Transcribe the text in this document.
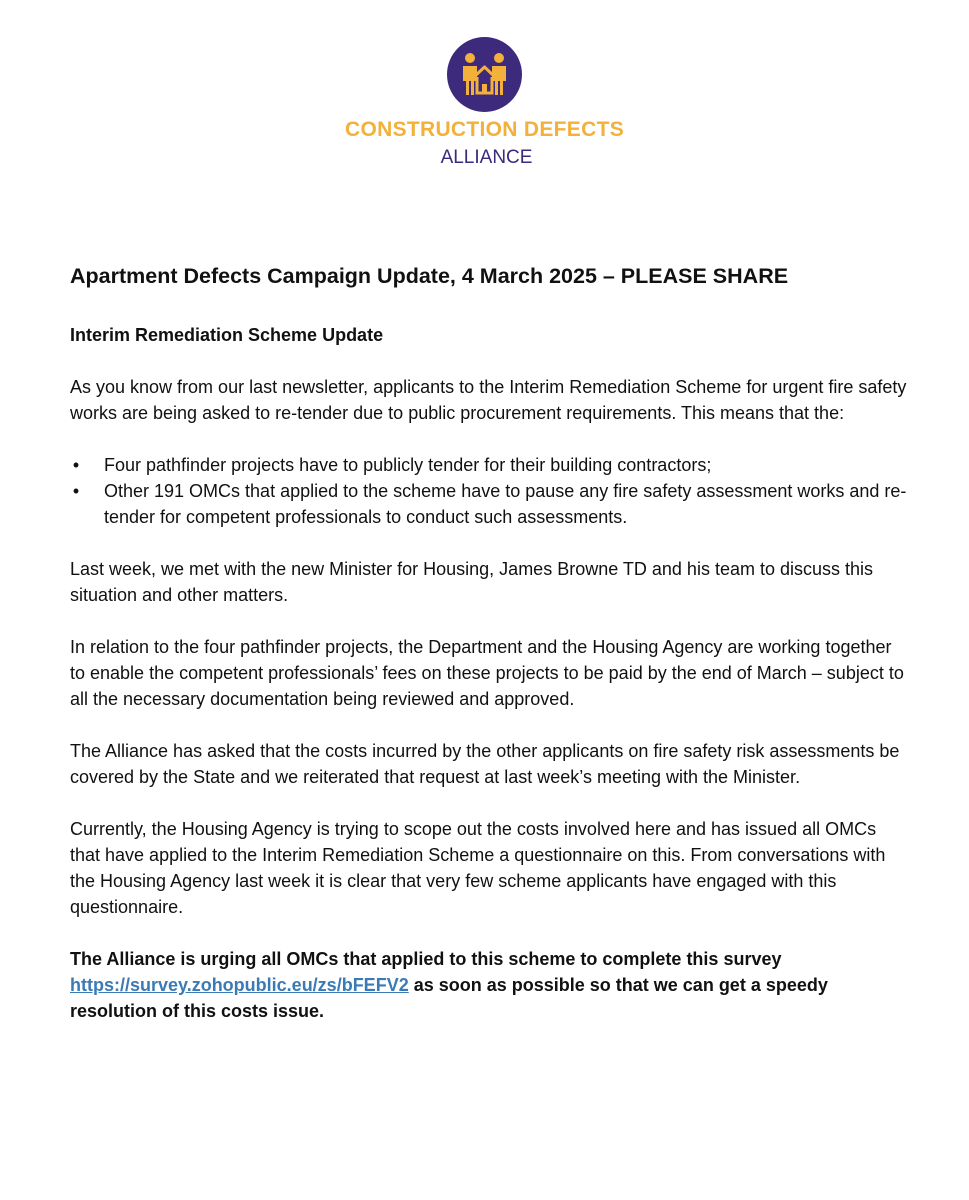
CONSTRUCTION DEFECTS
ALLIANCE
Apartment Defects Campaign Update, 4 March 2025 – PLEASE SHARE
Interim Remediation Scheme Update

As you know from our last newsletter, applicants to the Interim Remediation Scheme for urgent fire safety works are being asked to re-tender due to public procurement requirements. This means that the:

• Four pathfinder projects have to publicly tender for their building contractors;
• Other 191 OMCs that applied to the scheme have to pause any fire safety assessment works and re-tender for competent professionals to conduct such assessments.

Last week, we met with the new Minister for Housing, James Browne TD and his team to discuss this situation and other matters.

In relation to the four pathfinder projects, the Department and the Housing Agency are working together to enable the competent professionals’ fees on these projects to be paid by the end of March – subject to all the necessary documentation being reviewed and approved.

The Alliance has asked that the costs incurred by the other applicants on fire safety risk assessments be covered by the State and we reiterated that request at last week’s meeting with the Minister.

Currently, the Housing Agency is trying to scope out the costs involved here and has issued all OMCs that have applied to the Interim Remediation Scheme a questionnaire on this. From conversations with the Housing Agency last week it is clear that very few scheme applicants have engaged with this questionnaire.

The Alliance is urging all OMCs that applied to this scheme to complete this survey https://survey.zohopublic.eu/zs/bFEFV2 as soon as possible so that we can get a speedy resolution of this costs issue.
